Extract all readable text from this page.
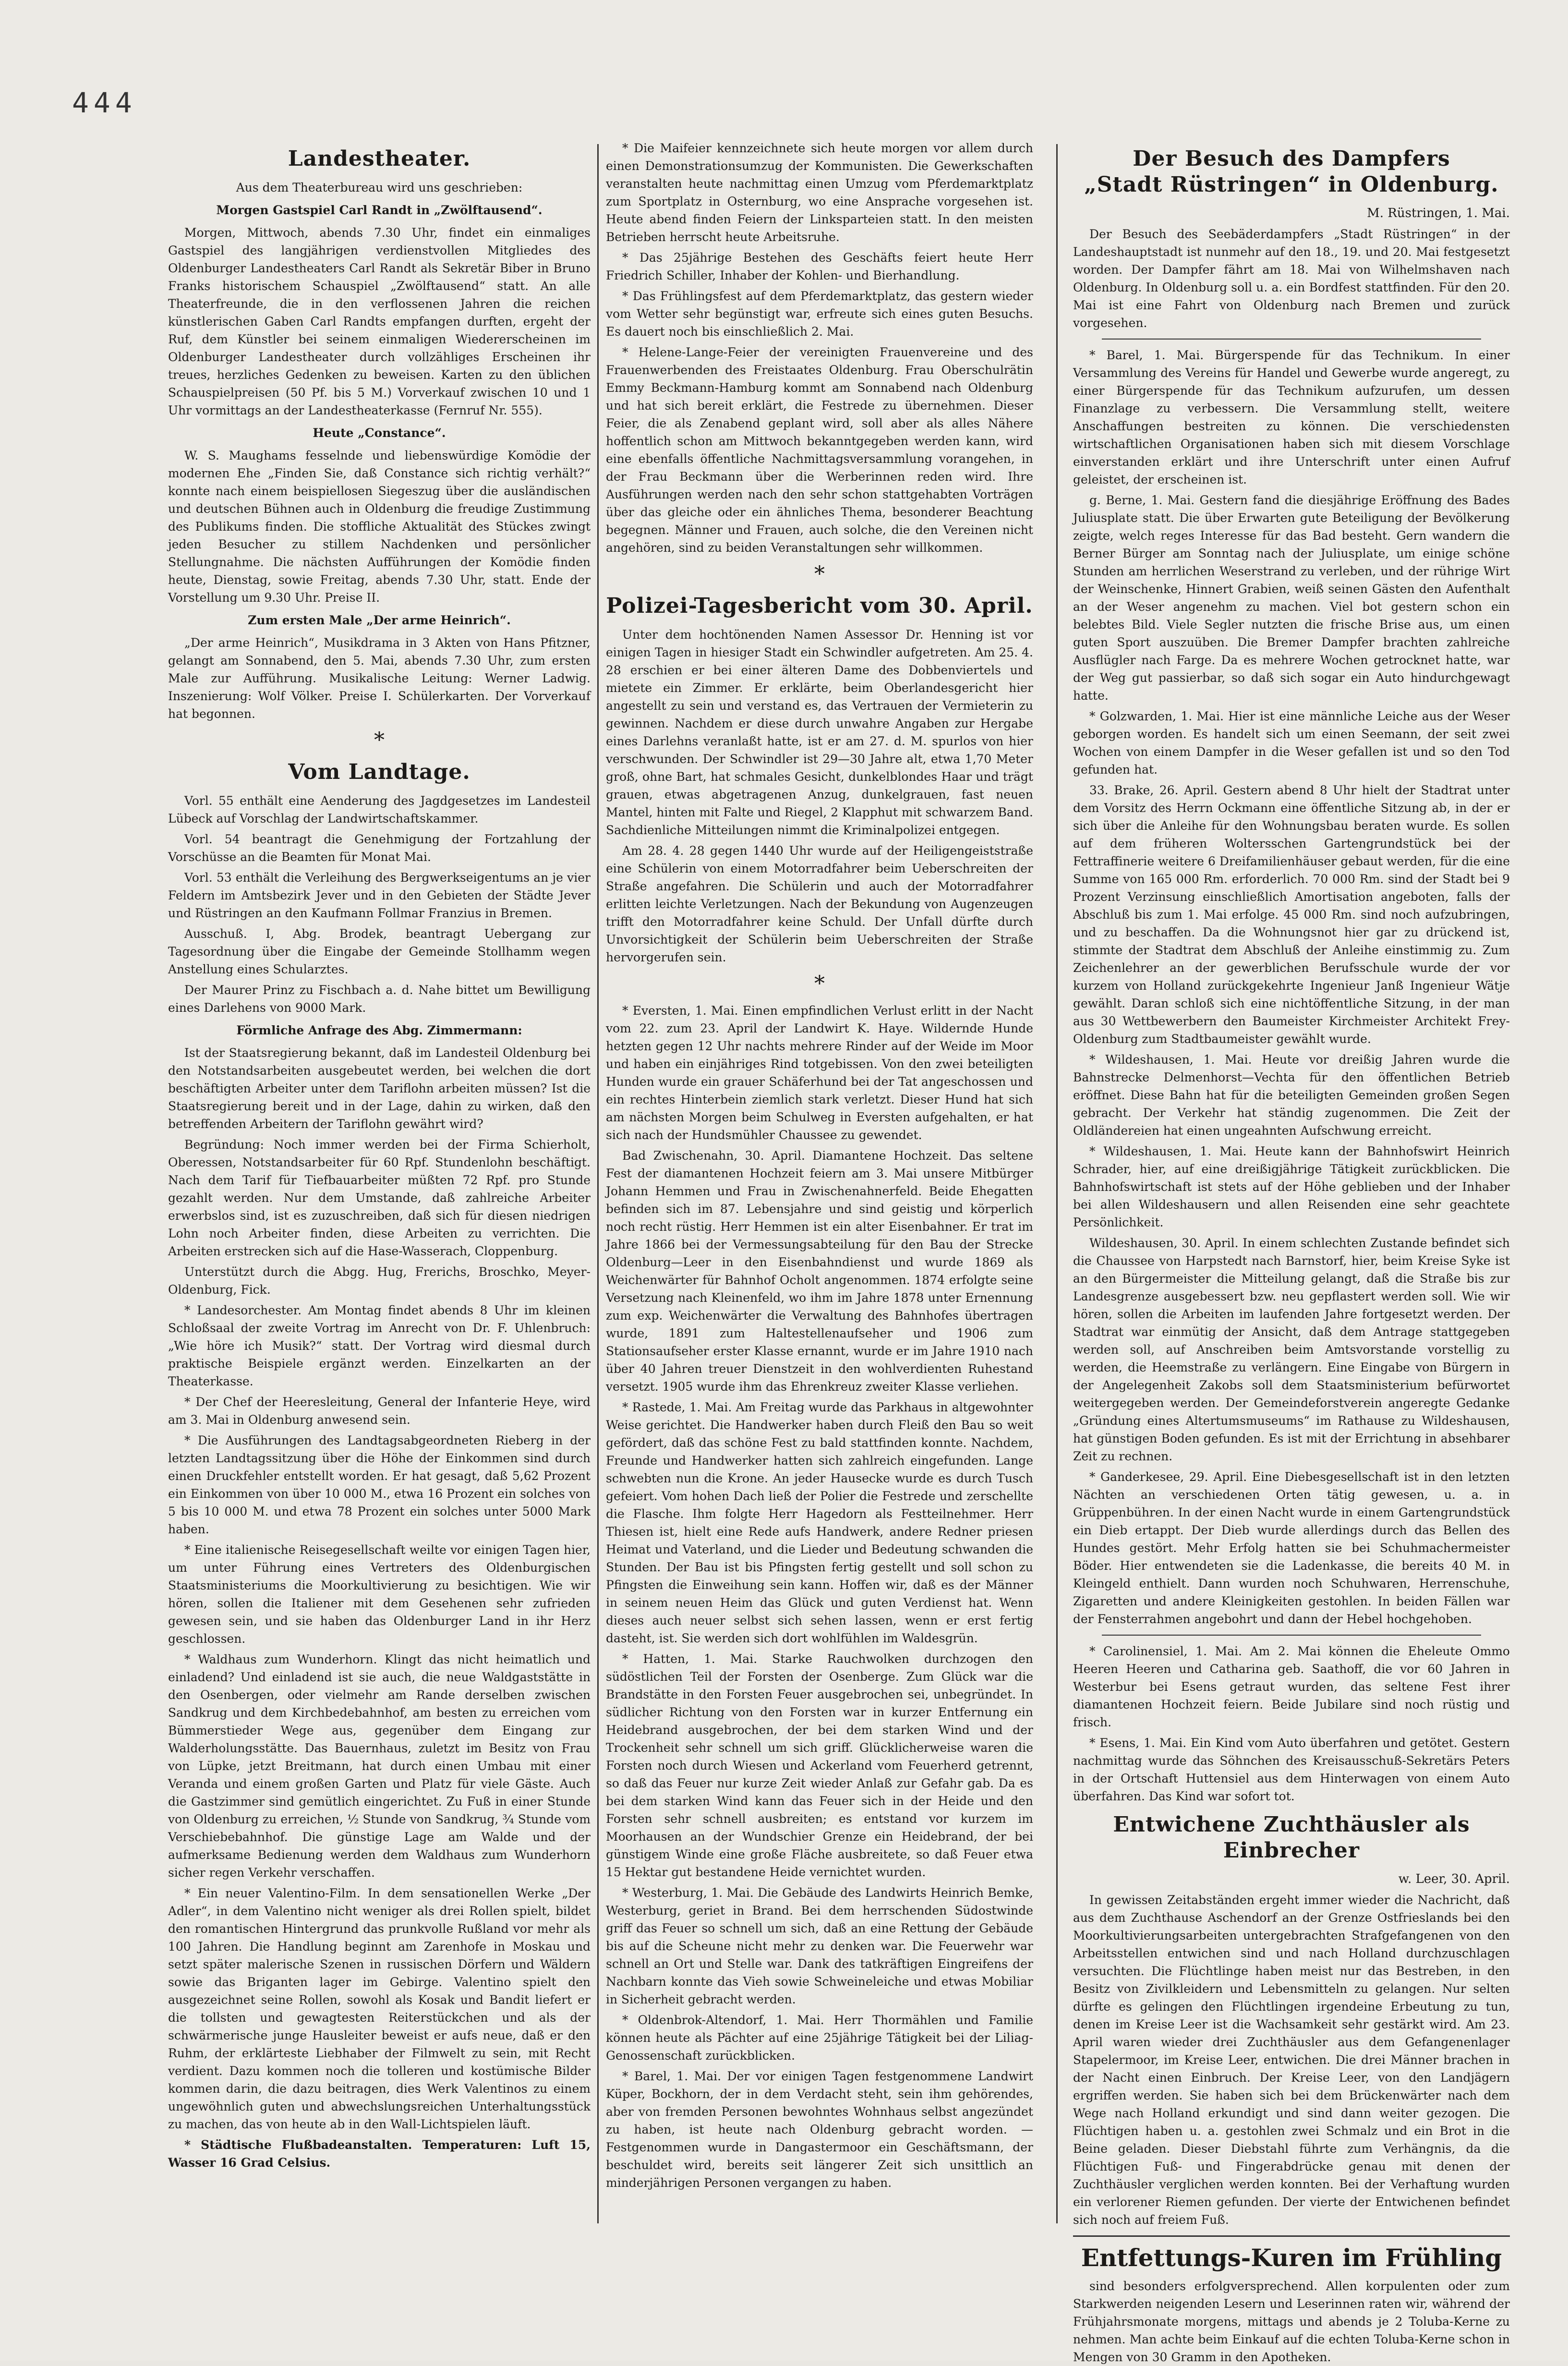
444
Landestheater.

Aus dem Theaterbureau wird uns geschrieben:

Morgen Gastspiel Carl Randt in „Zwölftausend“.

Morgen, Mittwoch, abends 7.30 Uhr, findet ein einmaliges Gastspiel des langjährigen verdienstvollen Mitgliedes des Oldenburger Landestheaters Carl Randt als Sekretär Biber in Bruno Franks historischem Schauspiel „Zwölftausend“ statt. An alle Theaterfreunde, die in den verflossenen Jahren die reichen künstlerischen Gaben Carl Randts empfangen durften, ergeht der Ruf, dem Künstler bei seinem einmaligen Wiedererscheinen im Oldenburger Landestheater durch vollzähliges Erscheinen ihr treues, herzliches Gedenken zu beweisen. Karten zu den üblichen Schauspielpreisen (50 Pf. bis 5 M.) Vorverkauf zwischen 10 und 1 Uhr vormittags an der Landestheaterkasse (Fernruf Nr. 555).

Heute „Constance“.

W. S. Maughams fesselnde und liebenswürdige Komödie der modernen Ehe „Finden Sie, daß Constance sich richtig verhält?“ konnte nach einem beispiellosen Siegeszug über die ausländischen und deutschen Bühnen auch in Oldenburg die freudige Zustimmung des Publikums finden. Die stoffliche Aktualität des Stückes zwingt jeden Besucher zu stillem Nachdenken und persönlicher Stellungnahme. Die nächsten Aufführungen der Komödie finden heute, Dienstag, sowie Freitag, abends 7.30 Uhr, statt. Ende der Vorstellung um 9.30 Uhr. Preise II.

Zum ersten Male „Der arme Heinrich“.

„Der arme Heinrich“, Musikdrama in 3 Akten von Hans Pfitzner, gelangt am Sonnabend, den 5. Mai, abends 7.30 Uhr, zum ersten Male zur Aufführung. Musikalische Leitung: Werner Ladwig. Inszenierung: Wolf Völker. Preise I. Schülerkarten. Der Vorverkauf hat begonnen.

*
Vom Landtage.

Vorl. 55 enthält eine Aenderung des Jagdgesetzes im Landesteil Lübeck auf Vorschlag der Landwirtschaftskammer.

Vorl. 54 beantragt die Genehmigung der Fortzahlung der Vorschüsse an die Beamten für Monat Mai.

Vorl. 53 enthält die Verleihung des Bergwerkseigentums an je vier Feldern im Amtsbezirk Jever und in den Gebieten der Städte Jever und Rüstringen an den Kaufmann Follmar Franzius in Bremen.

Ausschuß. I, Abg. Brodek, beantragt Uebergang zur Tagesordnung über die Eingabe der Gemeinde Stollhamm wegen Anstellung eines Schularztes.

Der Maurer Prinz zu Fischbach a. d. Nahe bittet um Bewilligung eines Darlehens von 9000 Mark.

Förmliche Anfrage des Abg. Zimmermann:

Ist der Staatsregierung bekannt, daß im Landesteil Oldenburg bei den Notstandsarbeiten ausgebeutet werden, bei welchen die dort beschäftigten Arbeiter unter dem Tariflohn arbeiten müssen? Ist die Staatsregierung bereit und in der Lage, dahin zu wirken, daß den betreffenden Arbeitern der Tariflohn gewährt wird?

Begründung: Noch immer werden bei der Firma Schierholt, Oberessen, Notstandsarbeiter für 60 Rpf. Stundenlohn beschäftigt. Nach dem Tarif für Tiefbauarbeiter müßten 72 Rpf. pro Stunde gezahlt werden. Nur dem Umstande, daß zahlreiche Arbeiter erwerbslos sind, ist es zuzuschreiben, daß sich für diesen niedrigen Lohn noch Arbeiter finden, diese Arbeiten zu verrichten. Die Arbeiten erstrecken sich auf die Hase-Wasserach, Cloppenburg.

Unterstützt durch die Abgg. Hug, Frerichs, Broschko, Meyer-Oldenburg, Fick.

* Landesorchester. Am Montag findet abends 8 Uhr im kleinen Schloßsaal der zweite Vortrag im Anrecht von Dr. F. Uhlenbruch: „Wie höre ich Musik?“ statt. Der Vortrag wird diesmal durch praktische Beispiele ergänzt werden. Einzelkarten an der Theaterkasse.

* Der Chef der Heeresleitung, General der Infanterie Heye, wird am 3. Mai in Oldenburg anwesend sein.

* Die Ausführungen des Landtagsabgeordneten Rieberg in der letzten Landtagssitzung über die Höhe der Einkommen sind durch einen Druckfehler entstellt worden. Er hat gesagt, daß 5,62 Prozent ein Einkommen von über 10 000 M., etwa 16 Prozent ein solches von 5 bis 10 000 M. und etwa 78 Prozent ein solches unter 5000 Mark haben.

* Eine italienische Reisegesellschaft weilte vor einigen Tagen hier, um unter Führung eines Vertreters des Oldenburgischen Staatsministeriums die Moorkultivierung zu besichtigen. Wie wir hören, sollen die Italiener mit dem Gesehenen sehr zufrieden gewesen sein, und sie haben das Oldenburger Land in ihr Herz geschlossen.

* Waldhaus zum Wunderhorn. Klingt das nicht heimatlich und einladend? Und einladend ist sie auch, die neue Waldgaststätte in den Osenbergen, oder vielmehr am Rande derselben zwischen Sandkrug und dem Kirchbedebahnhof, am besten zu erreichen vom Bümmerstieder Wege aus, gegenüber dem Eingang zur Walderholungsstätte. Das Bauernhaus, zuletzt im Besitz von Frau von Lüpke, jetzt Breitmann, hat durch einen Umbau mit einer Veranda und einem großen Garten und Platz für viele Gäste. Auch die Gastzimmer sind gemütlich eingerichtet. Zu Fuß in einer Stunde von Oldenburg zu erreichen, ½ Stunde von Sandkrug, ¾ Stunde vom Verschiebebahnhof. Die günstige Lage am Walde und der aufmerksame Bedienung werden dem Waldhaus zum Wunderhorn sicher regen Verkehr verschaffen.

* Ein neuer Valentino-Film. In dem sensationellen Werke „Der Adler“, in dem Valentino nicht weniger als drei Rollen spielt, bildet den romantischen Hintergrund das prunkvolle Rußland vor mehr als 100 Jahren. Die Handlung beginnt am Zarenhofe in Moskau und setzt später malerische Szenen in russischen Dörfern und Wäldern sowie das Briganten lager im Gebirge. Valentino spielt den ausgezeichnet seine Rollen, sowohl als Kosak und Bandit liefert er die tollsten und gewagtesten Reiterstückchen und als der schwärmerische junge Hausleiter beweist er aufs neue, daß er den Ruhm, der erklärteste Liebhaber der Filmwelt zu sein, mit Recht verdient. Dazu kommen noch die tolleren und kostümische Bilder kommen darin, die dazu beitragen, dies Werk Valentinos zu einem ungewöhnlich guten und abwechslungsreichen Unterhaltungsstück zu machen, das von heute ab in den Wall-Lichtspielen läuft.

* Städtische Flußbadeanstalten. Temperaturen: Luft 15, Wasser 16 Grad Celsius.

* Die Maifeier kennzeichnete sich heute morgen vor allem durch einen Demonstrationsumzug der Kommunisten. Die Gewerkschaften veranstalten heute nachmittag einen Umzug vom Pferdemarktplatz zum Sportplatz in Osternburg, wo eine Ansprache vorgesehen ist. Heute abend finden Feiern der Linksparteien statt. In den meisten Betrieben herrscht heute Arbeitsruhe.

* Das 25jährige Bestehen des Geschäfts feiert heute Herr Friedrich Schiller, Inhaber der Kohlen- und Bierhandlung.

* Das Frühlingsfest auf dem Pferdemarktplatz, das gestern wieder vom Wetter sehr begünstigt war, erfreute sich eines guten Besuchs. Es dauert noch bis einschließlich 2. Mai.

* Helene-Lange-Feier der vereinigten Frauenvereine und des Frauenwerbenden des Freistaates Oldenburg. Frau Oberschulrätin Emmy Beckmann-Hamburg kommt am Sonnabend nach Oldenburg und hat sich bereit erklärt, die Festrede zu übernehmen. Dieser Feier, die als Zenabend geplant wird, soll aber als alles Nähere hoffentlich schon am Mittwoch bekanntgegeben werden kann, wird eine ebenfalls öffentliche Nachmittagsversammlung vorangehen, in der Frau Beckmann über die Werberinnen reden wird. Ihre Ausführungen werden nach den sehr schon stattgehabten Vorträgen über das gleiche oder ein ähnliches Thema, besonderer Beachtung begegnen. Männer und Frauen, auch solche, die den Vereinen nicht angehören, sind zu beiden Veranstaltungen sehr willkommen.

*
Polizei-Tagesbericht vom 30. April.

Unter dem hochtönenden Namen Assessor Dr. Henning ist vor einigen Tagen in hiesiger Stadt ein Schwindler aufgetreten. Am 25. 4. 28 erschien er bei einer älteren Dame des Dobbenviertels und mietete ein Zimmer. Er erklärte, beim Oberlandesgericht hier angestellt zu sein und verstand es, das Vertrauen der Vermieterin zu gewinnen. Nachdem er diese durch unwahre Angaben zur Hergabe eines Darlehns veranlaßt hatte, ist er am 27. d. M. spurlos von hier verschwunden. Der Schwindler ist 29—30 Jahre alt, etwa 1,70 Meter groß, ohne Bart, hat schmales Gesicht, dunkelblondes Haar und trägt grauen, etwas abgetragenen Anzug, dunkelgrauen, fast neuen Mantel, hinten mit Falte und Riegel, 2 Klapphut mit schwarzem Band. Sachdienliche Mitteilungen nimmt die Kriminalpolizei entgegen.

Am 28. 4. 28 gegen 1440 Uhr wurde auf der Heiligengeiststraße eine Schülerin von einem Motorradfahrer beim Ueberschreiten der Straße angefahren. Die Schülerin und auch der Motorradfahrer erlitten leichte Verletzungen. Nach der Bekundung von Augenzeugen trifft den Motorradfahrer keine Schuld. Der Unfall dürfte durch Unvorsichtigkeit der Schülerin beim Ueberschreiten der Straße hervorgerufen sein.

*

* Eversten, 1. Mai. Einen empfindlichen Verlust erlitt in der Nacht vom 22. zum 23. April der Landwirt K. Haye. Wildernde Hunde hetzten gegen 12 Uhr nachts mehrere Rinder auf der Weide im Moor und haben ein einjähriges Rind totgebissen. Von den zwei beteiligten Hunden wurde ein grauer Schäferhund bei der Tat angeschossen und ein rechtes Hinterbein ziemlich stark verletzt. Dieser Hund hat sich am nächsten Morgen beim Schulweg in Eversten aufgehalten, er hat sich nach der Hundsmühler Chaussee zu gewendet.

Bad Zwischenahn, 30. April. Diamantene Hochzeit. Das seltene Fest der diamantenen Hochzeit feiern am 3. Mai unsere Mitbürger Johann Hemmen und Frau in Zwischenahnerfeld. Beide Ehegatten befinden sich im 87. Lebensjahre und sind geistig und körperlich noch recht rüstig. Herr Hemmen ist ein alter Eisenbahner. Er trat im Jahre 1866 bei der Vermessungsabteilung für den Bau der Strecke Oldenburg—Leer in den Eisenbahndienst und wurde 1869 als Weichenwärter für Bahnhof Ocholt angenommen. 1874 erfolgte seine Versetzung nach Kleinenfeld, wo ihm im Jahre 1878 unter Ernennung zum exp. Weichenwärter die Verwaltung des Bahnhofes übertragen wurde, 1891 zum Haltestellenaufseher und 1906 zum Stationsaufseher erster Klasse ernannt, wurde er im Jahre 1910 nach über 40 Jahren treuer Dienstzeit in den wohlverdienten Ruhestand versetzt. 1905 wurde ihm das Ehrenkreuz zweiter Klasse verliehen.

* Rastede, 1. Mai. Am Freitag wurde das Parkhaus in altgewohnter Weise gerichtet. Die Handwerker haben durch Fleiß den Bau so weit gefördert, daß das schöne Fest zu bald stattfinden konnte. Nachdem, Freunde und Handwerker hatten sich zahlreich eingefunden. Lange schwebten nun die Krone. An jeder Hausecke wurde es durch Tusch gefeiert. Vom hohen Dach ließ der Polier die Festrede und zerschellte die Flasche. Ihm folgte Herr Hagedorn als Festteilnehmer. Herr Thiesen ist, hielt eine Rede aufs Handwerk, andere Redner priesen Heimat und Vaterland, und die Lieder und Bedeutung schwanden die Stunden. Der Bau ist bis Pfingsten fertig gestellt und soll schon zu Pfingsten die Einweihung sein kann. Hoffen wir, daß es der Männer in seinem neuen Heim das Glück und guten Verdienst hat. Wenn dieses auch neuer selbst sich sehen lassen, wenn er erst fertig dasteht, ist. Sie werden sich dort wohlfühlen im Waldesgrün.

* Hatten, 1. Mai. Starke Rauchwolken durchzogen den südöstlichen Teil der Forsten der Osenberge. Zum Glück war die Brandstätte in den Forsten Feuer ausgebrochen sei, unbegründet. In südlicher Richtung von den Forsten war in kurzer Entfernung ein Heidebrand ausgebrochen, der bei dem starken Wind und der Trockenheit sehr schnell um sich griff. Glücklicherweise waren die Forsten noch durch Wiesen und Ackerland vom Feuerherd getrennt, so daß das Feuer nur kurze Zeit wieder Anlaß zur Gefahr gab. Da es bei dem starken Wind kann das Feuer sich in der Heide und den Forsten sehr schnell ausbreiten; es entstand vor kurzem im Moorhausen an der Wundschier Grenze ein Heidebrand, der bei günstigem Winde eine große Fläche ausbreitete, so daß Feuer etwa 15 Hektar gut bestandene Heide vernichtet wurden.

* Westerburg, 1. Mai. Die Gebäude des Landwirts Heinrich Bemke, Westerburg, geriet in Brand. Bei dem herrschenden Südostwinde griff das Feuer so schnell um sich, daß an eine Rettung der Gebäude bis auf die Scheune nicht mehr zu denken war. Die Feuerwehr war schnell an Ort und Stelle war. Dank des tatkräftigen Eingreifens der Nachbarn konnte das Vieh sowie Schweineleiche und etwas Mobiliar in Sicherheit gebracht werden.

* Oldenbrok-Altendorf, 1. Mai. Herr Thormählen und Familie können heute als Pächter auf eine 25jährige Tätigkeit bei der Liliag-Genossenschaft zurückblicken.

* Barel, 1. Mai. Der vor einigen Tagen festgenommene Landwirt Küper, Bockhorn, der in dem Verdacht steht, sein ihm gehörendes, aber von fremden Personen bewohntes Wohnhaus selbst angezündet zu haben, ist heute nach Oldenburg gebracht worden. — Festgenommen wurde in Dangastermoor ein Geschäftsmann, der beschuldet wird, bereits seit längerer Zeit sich unsittlich an minderjährigen Personen vergangen zu haben.

Der Besuch des Dampfers
„Stadt Rüstringen“ in Oldenburg.

M. Rüstringen, 1. Mai.

Der Besuch des Seebäderdampfers „Stadt Rüstringen“ in der Landeshauptstadt ist nunmehr auf den 18., 19. und 20. Mai festgesetzt worden. Der Dampfer fährt am 18. Mai von Wilhelmshaven nach Oldenburg. In Oldenburg soll u. a. ein Bordfest stattfinden. Für den 20. Mai ist eine Fahrt von Oldenburg nach Bremen und zurück vorgesehen.

* Barel, 1. Mai. Bürgerspende für das Technikum. In einer Versammlung des Vereins für Handel und Gewerbe wurde angeregt, zu einer Bürgerspende für das Technikum aufzurufen, um dessen Finanzlage zu verbessern. Die Versammlung stellt, weitere Anschaffungen bestreiten zu können. Die verschiedensten wirtschaftlichen Organisationen haben sich mit diesem Vorschlage einverstanden erklärt und ihre Unterschrift unter einen Aufruf geleistet, der erscheinen ist.

g. Berne, 1. Mai. Gestern fand die diesjährige Eröffnung des Bades Juliusplate statt. Die über Erwarten gute Beteiligung der Bevölkerung zeigte, welch reges Interesse für das Bad besteht. Gern wandern die Berner Bürger am Sonntag nach der Juliusplate, um einige schöne Stunden am herrlichen Weserstrand zu verleben, und der rührige Wirt der Weinschenke, Hinnert Grabien, weiß seinen Gästen den Aufenthalt an der Weser angenehm zu machen. Viel bot gestern schon ein belebtes Bild. Viele Segler nutzten die frische Brise aus, um einen guten Sport auszuüben. Die Bremer Dampfer brachten zahlreiche Ausflügler nach Farge. Da es mehrere Wochen getrocknet hatte, war der Weg gut passierbar, so daß sich sogar ein Auto hindurchgewagt hatte.

* Golzwarden, 1. Mai. Hier ist eine männliche Leiche aus der Weser geborgen worden. Es handelt sich um einen Seemann, der seit zwei Wochen von einem Dampfer in die Weser gefallen ist und so den Tod gefunden hat.

33. Brake, 26. April. Gestern abend 8 Uhr hielt der Stadtrat unter dem Vorsitz des Herrn Ockmann eine öffentliche Sitzung ab, in der er sich über die Anleihe für den Wohnungsbau beraten wurde. Es sollen auf dem früheren Woltersschen Gartengrundstück bei der Fettraffinerie weitere 6 Dreifamilienhäuser gebaut werden, für die eine Summe von 165 000 Rm. erforderlich. 70 000 Rm. sind der Stadt bei 9 Prozent Verzinsung einschließlich Amortisation angeboten, falls der Abschluß bis zum 1. Mai erfolge. 45 000 Rm. sind noch aufzubringen, und zu beschaffen. Da die Wohnungsnot hier gar zu drückend ist, stimmte der Stadtrat dem Abschluß der Anleihe einstimmig zu. Zum Zeichenlehrer an der gewerblichen Berufsschule wurde der vor kurzem von Holland zurückgekehrte Ingenieur Janß Ingenieur Wätje gewählt. Daran schloß sich eine nichtöffentliche Sitzung, in der man aus 30 Wettbewerbern den Baumeister Kirchmeister Architekt Frey-Oldenburg zum Stadtbaumeister gewählt wurde.

* Wildeshausen, 1. Mai. Heute vor dreißig Jahren wurde die Bahnstrecke Delmenhorst—Vechta für den öffentlichen Betrieb eröffnet. Diese Bahn hat für die beteiligten Gemeinden großen Segen gebracht. Der Verkehr hat ständig zugenommen. Die Zeit der Oldländereien hat einen ungeahnten Aufschwung erreicht.

* Wildeshausen, 1. Mai. Heute kann der Bahnhofswirt Heinrich Schrader, hier, auf eine dreißigjährige Tätigkeit zurückblicken. Die Bahnhofswirtschaft ist stets auf der Höhe geblieben und der Inhaber bei allen Wildeshausern und allen Reisenden eine sehr geachtete Persönlichkeit.

Wildeshausen, 30. April. In einem schlechten Zustande befindet sich die Chaussee von Harpstedt nach Barnstorf, hier, beim Kreise Syke ist an den Bürgermeister die Mitteilung gelangt, daß die Straße bis zur Landesgrenze ausgebessert bzw. neu gepflastert werden soll. Wie wir hören, sollen die Arbeiten im laufenden Jahre fortgesetzt werden. Der Stadtrat war einmütig der Ansicht, daß dem Antrage stattgegeben werden soll, auf Anschreiben beim Amtsvorstande vorstellig zu werden, die Heemstraße zu verlängern. Eine Eingabe von Bürgern in der Angelegenheit Zakobs soll dem Staatsministerium befürwortet weitergegeben werden. Der Gemeindeforstverein angeregte Gedanke „Gründung eines Altertumsmuseums“ im Rathause zu Wildeshausen, hat günstigen Boden gefunden. Es ist mit der Errichtung in absehbarer Zeit zu rechnen.

* Ganderkesee, 29. April. Eine Diebesgesellschaft ist in den letzten Nächten an verschiedenen Orten tätig gewesen, u. a. in Grüppenbühren. In der einen Nacht wurde in einem Gartengrundstück ein Dieb ertappt. Der Dieb wurde allerdings durch das Bellen des Hundes gestört. Mehr Erfolg hatten sie bei Schuhmachermeister Böder. Hier entwendeten sie die Ladenkasse, die bereits 40 M. in Kleingeld enthielt. Dann wurden noch Schuhwaren, Herrenschuhe, Zigaretten und andere Kleinigkeiten gestohlen. In beiden Fällen war der Fensterrahmen angebohrt und dann der Hebel hochgehoben.

* Carolinensiel, 1. Mai. Am 2. Mai können die Eheleute Ommo Heeren Heeren und Catharina geb. Saathoff, die vor 60 Jahren in Westerbur bei Esens getraut wurden, das seltene Fest ihrer diamantenen Hochzeit feiern. Beide Jubilare sind noch rüstig und frisch.

* Esens, 1. Mai. Ein Kind vom Auto überfahren und getötet. Gestern nachmittag wurde das Söhnchen des Kreisausschuß-Sekretärs Peters in der Ortschaft Huttensiel aus dem Hinterwagen von einem Auto überfahren. Das Kind war sofort tot.

Entwichene Zuchthäusler als Einbrecher

w. Leer, 30. April.

In gewissen Zeitabständen ergeht immer wieder die Nachricht, daß aus dem Zuchthause Aschendorf an der Grenze Ostfrieslands bei den Moorkultivierungsarbeiten untergebrachten Strafgefangenen von den Arbeitsstellen entwichen sind und nach Holland durchzuschlagen versuchten. Die Flüchtlinge haben meist nur das Bestreben, in den Besitz von Zivilkleidern und Lebensmitteln zu gelangen. Nur selten dürfte es gelingen den Flüchtlingen irgendeine Erbeutung zu tun, denen im Kreise Leer ist die Wachsamkeit sehr gestärkt wird. Am 23. April waren wieder drei Zuchthäusler aus dem Gefangenenlager Stapelermoor, im Kreise Leer, entwichen. Die drei Männer brachen in der Nacht einen Einbruch. Der Kreise Leer, von den Landjägern ergriffen werden. Sie haben sich bei dem Brückenwärter nach dem Wege nach Holland erkundigt und sind dann weiter gezogen. Die Flüchtigen haben u. a. gestohlen zwei Schmalz und ein Brot in die Beine geladen. Dieser Diebstahl führte zum Verhängnis, da die Flüchtigen Fuß- und Fingerabdrücke genau mit denen der Zuchthäusler verglichen werden konnten. Bei der Verhaftung wurden ein verlorener Riemen gefunden. Der vierte der Entwichenen befindet sich noch auf freiem Fuß.

Entfettungs-Kuren im Frühling

sind besonders erfolgversprechend. Allen korpulenten oder zum Starkwerden neigenden Lesern und Leserinnen raten wir, während der Frühjahrsmonate morgens, mittags und abends je 2 Toluba-Kerne zu nehmen. Man achte beim Einkauf auf die echten Toluba-Kerne schon in Mengen von 30 Gramm in den Apotheken.
